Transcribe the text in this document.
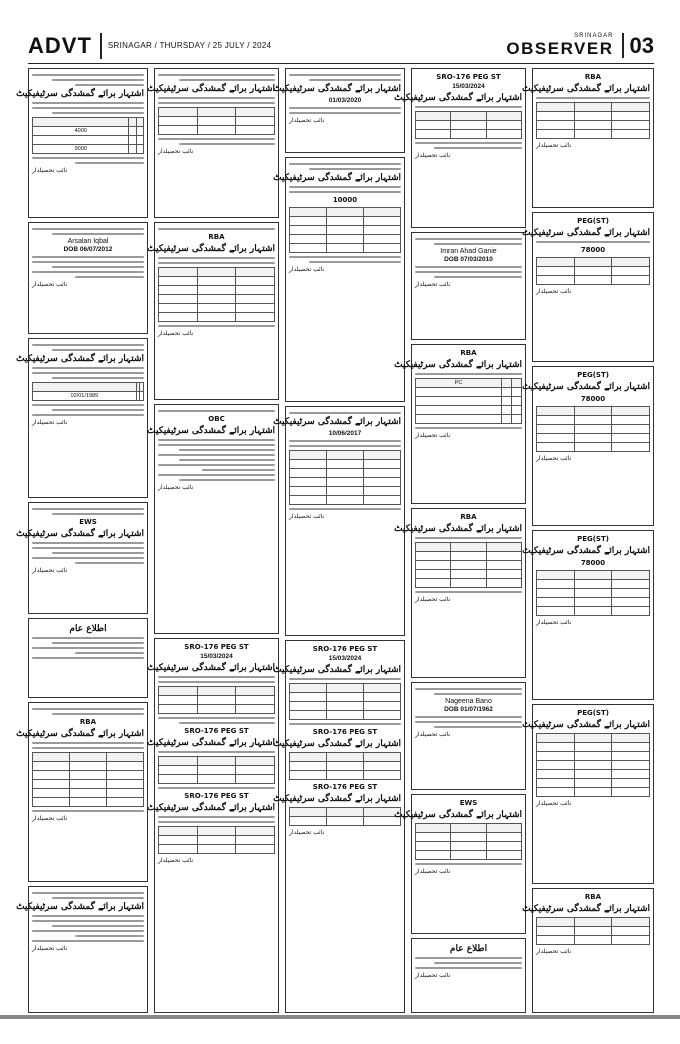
ADVT	SRINAGAR / THURSDAY / 25 JULY / 2024
SRINAGAR
OBSERVER 03
اشتہار برائے گمشدگی سرٹیفیکیٹ

4000		

9000		
نائب تحصیلدار
Arsalan Iqbal
DOB 06/07/2012
نائب تحصیلدار
اشتہار برائے گمشدگی سرٹیفیکیٹ

02/01/1989		
نائب تحصیلدار
EWS
اشتہار برائے گمشدگی سرٹیفیکیٹ
نائب تحصیلدار
اطلاع عام
RBA
اشتہار برائے گمشدگی سرٹیفیکیٹ

نائب تحصیلدار
اشتہار برائے گمشدگی سرٹیفیکیٹ
نائب تحصیلدار
اشتہار برائے گمشدگی سرٹیفیکیٹ

نائب تحصیلدار
RBA
اشتہار برائے گمشدگی سرٹیفیکیٹ

نائب تحصیلدار
OBC
اشتہار برائے گمشدگی سرٹیفیکیٹ
نائب تحصیلدار
SRO-176 PEG ST
15/03/2024
اشتہار برائے گمشدگی سرٹیفیکیٹ

SRO-176 PEG ST
اشتہار برائے گمشدگی سرٹیفیکیٹ

SRO-176 PEG ST
اشتہار برائے گمشدگی سرٹیفیکیٹ

نائب تحصیلدار
اشتہار برائے گمشدگی سرٹیفیکیٹ
01/03/2020
نائب تحصیلدار
اشتہار برائے گمشدگی سرٹیفیکیٹ
10000

نائب تحصیلدار
اشتہار برائے گمشدگی سرٹیفیکیٹ
10/06/2017

نائب تحصیلدار
SRO-176 PEG ST
15/03/2024
اشتہار برائے گمشدگی سرٹیفیکیٹ

SRO-176 PEG ST
اشتہار برائے گمشدگی سرٹیفیکیٹ

SRO-176 PEG ST
اشتہار برائے گمشدگی سرٹیفیکیٹ

نائب تحصیلدار
SRO-176 PEG ST
15/03/2024
اشتہار برائے گمشدگی سرٹیفیکیٹ

نائب تحصیلدار
Imran Ahad Ganie
DOB 07/03/2010
نائب تحصیلدار
RBA
اشتہار برائے گمشدگی سرٹیفیکیٹ
PC		

نائب تحصیلدار
RBA
اشتہار برائے گمشدگی سرٹیفیکیٹ

نائب تحصیلدار
Nageena Bano
DOB 01/07/1962
نائب تحصیلدار
EWS
اشتہار برائے گمشدگی سرٹیفیکیٹ

نائب تحصیلدار
اطلاع عام
نائب تحصیلدار
RBA
اشتہار برائے گمشدگی سرٹیفیکیٹ

نائب تحصیلدار
PEG(ST)
اشتہار برائے گمشدگی سرٹیفیکیٹ
78000

نائب تحصیلدار
PEG(ST)
اشتہار برائے گمشدگی سرٹیفیکیٹ
78000

نائب تحصیلدار
PEG(ST)
اشتہار برائے گمشدگی سرٹیفیکیٹ
78000

نائب تحصیلدار
PEG(ST)
اشتہار برائے گمشدگی سرٹیفیکیٹ

نائب تحصیلدار
RBA
اشتہار برائے گمشدگی سرٹیفیکیٹ

نائب تحصیلدار
